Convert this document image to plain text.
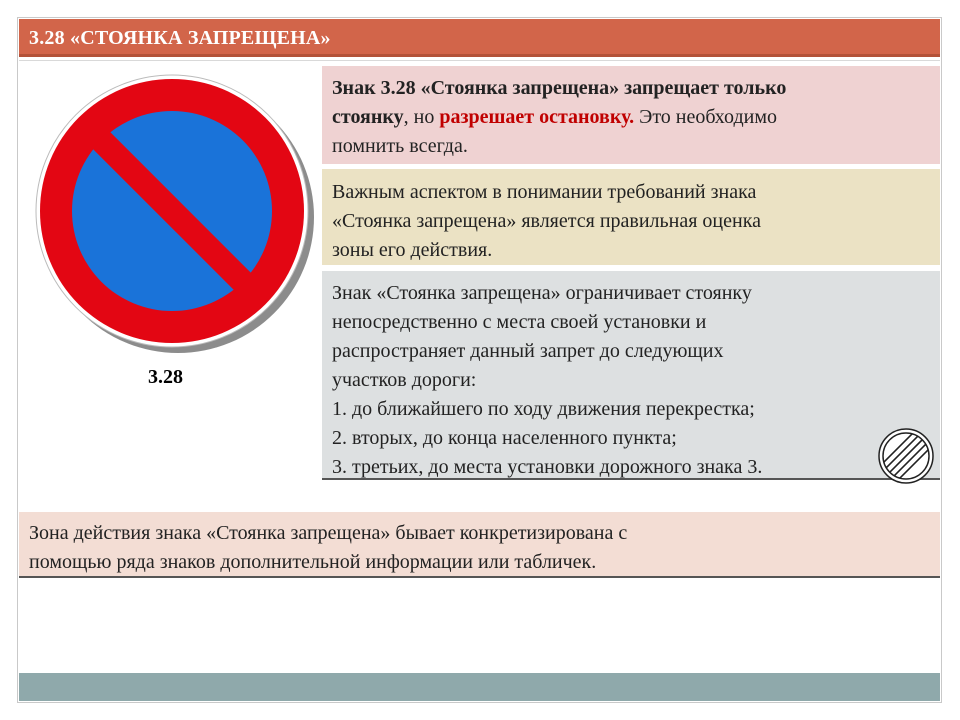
3.28 «СТОЯНКА ЗАПРЕЩЕНА»
3.28
Знак 3.28 «Стоянка запрещена» запрещает только
стоянку, но разрешает остановку. Это необходимо
помнить всегда.
Важным аспектом в понимании требований знака
«Стоянка запрещена» является правильная оценка
зоны его действия.
Знак «Стоянка запрещена» ограничивает стоянку
непосредственно с места своей установки и
распространяет данный запрет до следующих
участков дороги:
1. до ближайшего по ходу движения перекрестка;
2. вторых, до конца населенного пункта;
3. третьих, до места установки дорожного знака 3.
Зона действия знака «Стоянка запрещена» бывает конкретизирована с
помощью ряда знаков дополнительной информации или табличек.
